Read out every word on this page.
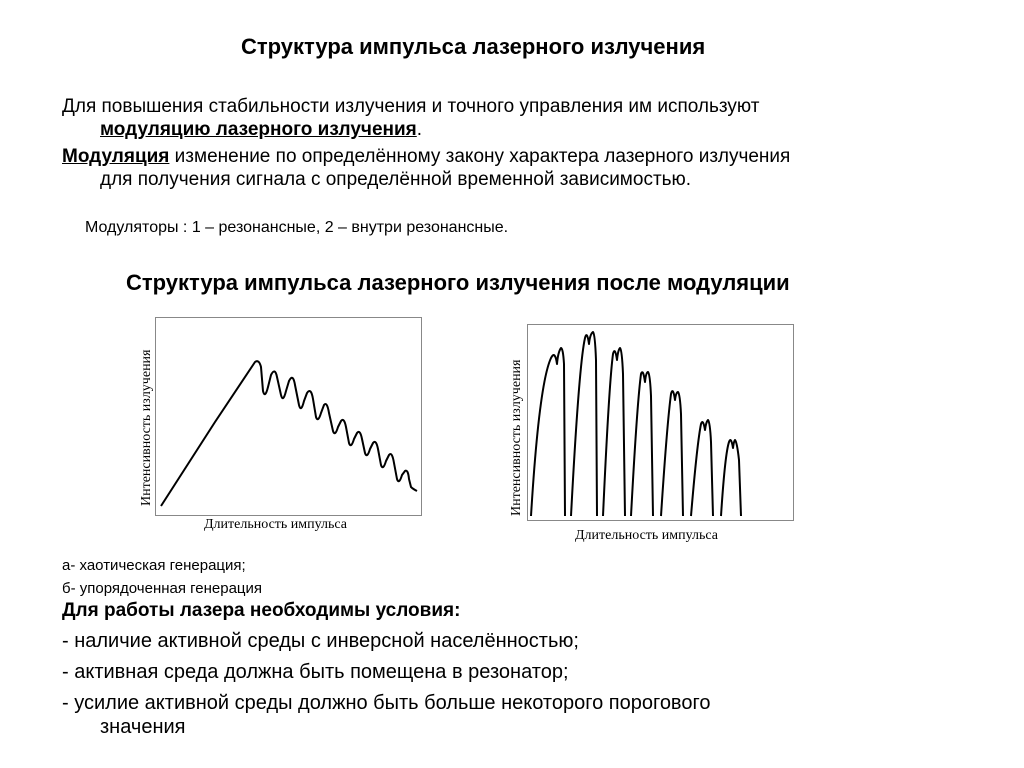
Структура импульса лазерного излучения
Для повышения стабильности излучения и точного управления им используют
модуляцию лазерного излучения.
Модуляция изменение по определённому закону характера лазерного излучения
для получения сигнала с определённой временной зависимостью.
Модуляторы : 1 – резонансные, 2 – внутри резонансные.
Структура импульса лазерного излучения после модуляции
Интенсивность излучения
Длительность импульса
Интенсивность излучения
Длительность импульса
а- хаотическая генерация;
б- упорядоченная генерация
Для работы лазера необходимы условия:
- наличие активной среды с инверсной населённостью;
- активная среда должна быть помещена в резонатор;
- усилие активной среды должно быть больше некоторого порогового
значения
